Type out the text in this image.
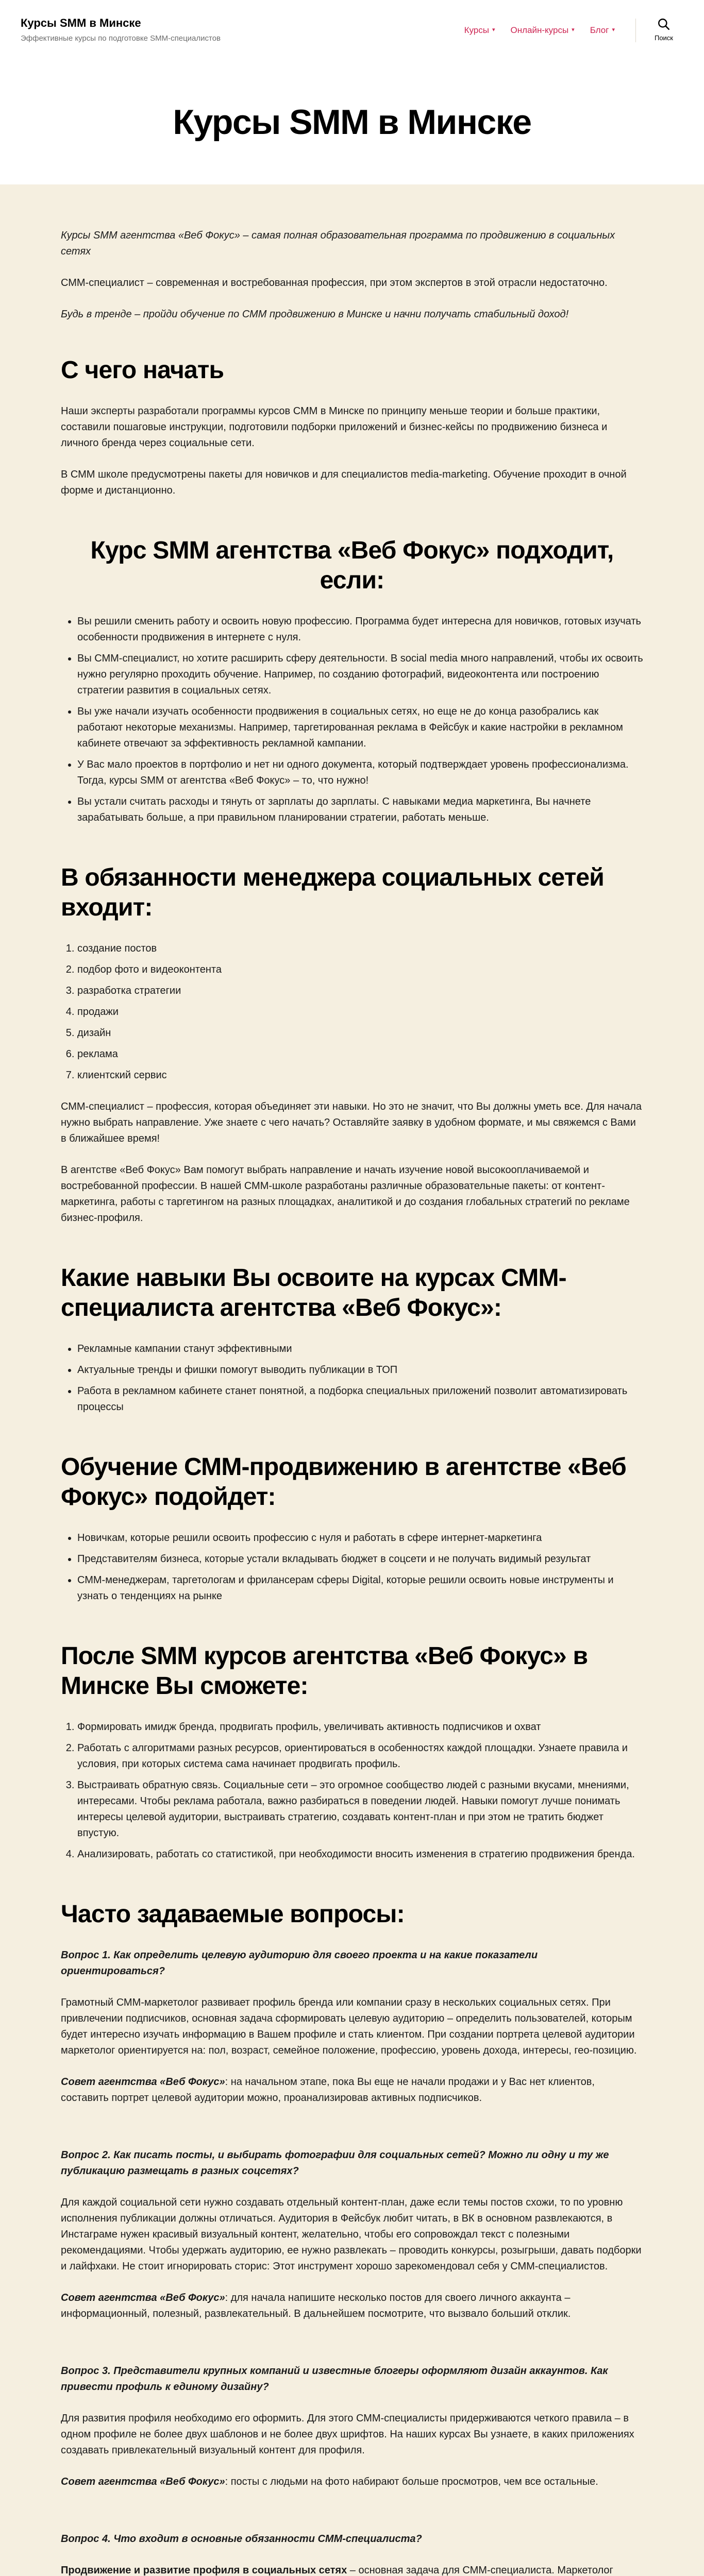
Курсы SMM в Минске
Эффективные курсы по подготовке SMM-специалистов
Курсы ▾ Онлайн-курсы ▾ Блог ▾
Поиск
Курсы SMM в Минске

Курсы SMM агентства «Веб Фокус» – самая полная образовательная программа по продвижению в социальных сетях

СММ-специалист – современная и востребованная профессия, при этом экспертов в этой отрасли недостаточно.

Будь в тренде – пройди обучение по СММ продвижению в Минске и начни получать стабильный доход!

С чего начать

Наши эксперты разработали программы курсов СММ в Минске по принципу меньше теории и больше практики, составили пошаговые инструкции, подготовили подборки приложений и бизнес-кейсы по продвижению бизнеса и личного бренда через социальные сети.

В СММ школе предусмотрены пакеты для новичков и для специалистов media-marketing. Обучение проходит в очной форме и дистанционно.

Курс SMM агентства «Веб Фокус» подходит, если:
• Вы решили сменить работу и освоить новую профессию. Программа будет интересна для новичков, готовых изучать особенности продвижения в интернете с нуля.
• Вы СММ-специалист, но хотите расширить сферу деятельности. В social media много направлений, чтобы их освоить нужно регулярно проходить обучение. Например, по созданию фотографий, видеоконтента или построению стратегии развития в социальных сетях.
• Вы уже начали изучать особенности продвижения в социальных сетях, но еще не до конца разобрались как работают некоторые механизмы. Например, таргетированная реклама в Фейсбук и какие настройки в рекламном кабинете отвечают за эффективность рекламной кампании.
• У Вас мало проектов в портфолио и нет ни одного документа, который подтверждает уровень профессионализма. Тогда, курсы SMM от агентства «Веб Фокус» – то, что нужно!
• Вы устали считать расходы и тянуть от зарплаты до зарплаты. С навыками медиа маркетинга, Вы начнете зарабатывать больше, а при правильном планировании стратегии, работать меньше.
В обязанности менеджера социальных сетей входит:
1. создание постов
2. подбор фото и видеоконтента
3. разработка стратегии
4. продажи
5. дизайн
6. реклама
7. клиентский сервис

СММ-специалист – профессия, которая объединяет эти навыки. Но это не значит, что Вы должны уметь все. Для начала нужно выбрать направление. Уже знаете с чего начать? Оставляйте заявку в удобном формате, и мы свяжемся с Вами в ближайшее время!

В агентстве «Веб Фокус» Вам помогут выбрать направление и начать изучение новой высокооплачиваемой и востребованной профессии. В нашей СММ-школе разработаны различные образовательные пакеты: от контент-маркетинга, работы с таргетингом на разных площадках, аналитикой и до создания глобальных стратегий по рекламе бизнес-профиля.

Какие навыки Вы освоите на курсах СММ-специалиста агентства «Веб Фокус»:
• Рекламные кампании станут эффективными
• Актуальные тренды и фишки помогут выводить публикации в ТОП
• Работа в рекламном кабинете станет понятной, а подборка специальных приложений позволит автоматизировать процессы
Обучение СММ-продвижению в агентстве «Веб Фокус» подойдет:
• Новичкам, которые решили освоить профессию с нуля и работать в сфере интернет-маркетинга
• Представителям бизнеса, которые устали вкладывать бюджет в соцсети и не получать видимый результат
• СММ-менеджерам, таргетологам и фрилансерам сферы Digital, которые решили освоить новые инструменты и узнать о тенденциях на рынке
После SMM курсов агентства «Веб Фокус» в Минске Вы сможете:
1. Формировать имидж бренда, продвигать профиль, увеличивать активность подписчиков и охват
2. Работать с алгоритмами разных ресурсов, ориентироваться в особенностях каждой площадки. Узнаете правила и условия, при которых система сама начинает продвигать профиль.
3. Выстраивать обратную связь. Социальные сети – это огромное сообщество людей с разными вкусами, мнениями, интересами. Чтобы реклама работала, важно разбираться в поведении людей. Навыки помогут лучше понимать интересы целевой аудитории, выстраивать стратегию, создавать контент-план и при этом не тратить бюджет впустую.
4. Анализировать, работать со статистикой, при необходимости вносить изменения в стратегию продвижения бренда.
Часто задаваемые вопросы:

Вопрос 1. Как определить целевую аудиторию для своего проекта и на какие показатели ориентироваться?

Грамотный СММ-маркетолог развивает профиль бренда или компании сразу в нескольких социальных сетях. При привлечении подписчиков, основная задача сформировать целевую аудиторию – определить пользователей, которым будет интересно изучать информацию в Вашем профиле и стать клиентом. При создании портрета целевой аудитории маркетолог ориентируется на: пол, возраст, семейное положение, профессию, уровень дохода, интересы, гео-позицию.

Совет агентства «Веб Фокус»: на начальном этапе, пока Вы еще не начали продажи и у Вас нет клиентов, составить портрет целевой аудитории можно, проанализировав активных подписчиков.

Вопрос 2. Как писать посты, и выбирать фотографии для социальных сетей? Можно ли одну и ту же публикацию размещать в разных соцсетях?

Для каждой социальной сети нужно создавать отдельный контент-план, даже если темы постов схожи, то по уровню исполнения публикации должны отличаться. Аудитория в Фейсбук любит читать, в ВК в основном развлекаются, в Инстаграме нужен красивый визуальный контент, желательно, чтобы его сопровождал текст с полезными рекомендациями. Чтобы удержать аудиторию, ее нужно развлекать – проводить конкурсы, розыгрыши, давать подборки и лайфхаки. Не стоит игнорировать сторис: Этот инструмент хорошо зарекомендовал себя у СММ-специалистов.

Совет агентства «Веб Фокус»: для начала напишите несколько постов для своего личного аккаунта – информационный, полезный, развлекательный. В дальнейшем посмотрите, что вызвало больший отклик.

Вопрос 3. Представители крупных компаний и известные блогеры оформляют дизайн аккаунтов. Как привести профиль к единому дизайну?

Для развития профиля необходимо его оформить. Для этого СММ-специалисты придерживаются четкого правила – в одном профиле не более двух шаблонов и не более двух шрифтов. На наших курсах Вы узнаете, в каких приложениях создавать привлекательный визуальный контент для профиля.

Совет агентства «Веб Фокус»: посты с людьми на фото набирают больше просмотров, чем все остальные.

Вопрос 4. Что входит в основные обязанности СММ-специалиста?

Продвижение и развитие профиля в социальных сетях – основная задача для СММ-специалиста. Маркетолог
